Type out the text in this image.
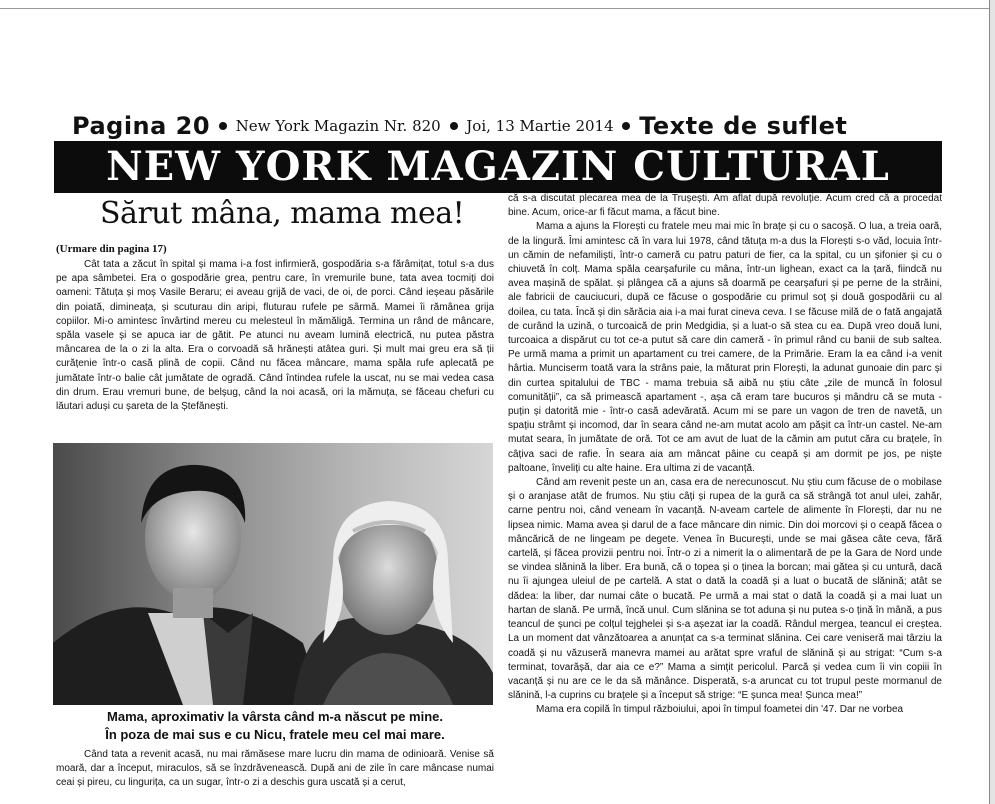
Pagina 20 New York Magazin Nr. 820 Joi, 13 Martie 2014 Texte de suflet
NEW YORK MAGAZIN CULTURAL
Sărut mâna, mama mea!
(Urmare din pagina 17)

Cât tata a zăcut în spital și mama i-a fost infirmieră, gospodăria s-a fărâmițat, totul s-a dus pe apa sâmbetei. Era o gospodărie grea, pentru care, în vremurile bune, tata avea tocmiți doi oameni: Tătuța și moș Vasile Beraru; ei aveau grijă de vaci, de oi, de porci. Când ieșeau păsările din poiată, dimineața, și scuturau din aripi, fluturau rufele pe sârmă. Mamei îi rămânea grija copiilor. Mi-o amintesc învârtind mereu cu melesteul în mămăligă. Termina un rând de mâncare, spăla vasele și se apuca iar de gătit. Pe atunci nu aveam lumină electrică, nu putea păstra mâncarea de la o zi la alta. Era o corvoadă să hrănești atâtea guri. Și mult mai greu era să ții curățenie într-o casă plină de copii. Când nu făcea mâncare, mama spăla rufe aplecată pe jumătate într-o balie cât jumătate de ogradă. Când întindea rufele la uscat, nu se mai vedea casa din drum. Erau vremuri bune, de belșug, când la noi acasă, ori la mămuța, se făceau chefuri cu lăutari aduși cu șareta de la Ștefănești.

Mama, aproximativ la vârsta când m-a născut pe mine.
În poza de mai sus e cu Nicu, fratele meu cel mai mare.

Când tata a revenit acasă, nu mai rămăsese mare lucru din mama de odinioară. Venise să moară, dar a început, miraculos, să se înzdrăvenească. După ani de zile în care mâncase numai ceai și pireu, cu lingurița, ca un sugar, într-o zi a deschis gura uscată și a cerut,

că s-a discutat plecarea mea de la Trușești. Am aflat după revoluție. Acum cred că a procedat bine. Acum, orice-ar fi făcut mama, a făcut bine.

Mama a ajuns la Florești cu fratele meu mai mic în brațe și cu o sacoșă. O lua, a treia oară, de la lingură. Îmi amintesc că în vara lui 1978, când tătuța m-a dus la Florești s-o văd, locuia într-un cămin de nefamiliști, într-o cameră cu patru paturi de fier, ca la spital, cu un șifonier și cu o chiuvetă în colț. Mama spăla cearșafurile cu mâna, într-un lighean, exact ca la țară, fiindcă nu avea mașină de spălat. și plângea că a ajuns să doarmă pe cearșafuri și pe perne de la străini, ale fabricii de cauciucuri, după ce făcuse o gospodărie cu primul soț și două gospodării cu al doilea, cu tata. Încă și din sărăcia aia i-a mai furat cineva ceva. I se făcuse milă de o fată angajată de curând la uzină, o turcoaică de prin Medgidia, și a luat-o să stea cu ea. După vreo două luni, turcoaica a dispărut cu tot ce-a putut să care din cameră - în primul rând cu banii de sub saltea. Pe urmă mama a primit un apartament cu trei camere, de la Primărie. Eram la ea când i-a venit hârtia. Munciserm toată vara la strâns paie, la măturat prin Florești, la adunat gunoaie din parc și din curtea spitalului de TBC - mama trebuia să aibă nu știu câte „zile de muncă în folosul comunității”, ca să primească apartament -, așa că eram tare bucuros și mândru că se muta - puțin și datorită mie - într-o casă adevărată. Acum mi se pare un vagon de tren de navetă, un spațiu strâmt și incomod, dar în seara când ne-am mutat acolo am pășit ca într-un castel. Ne-am mutat seara, în jumătate de oră. Tot ce am avut de luat de la cămin am putut căra cu brațele, în câțiva saci de rafie. În seara aia am mâncat pâine cu ceapă și am dormit pe jos, pe niște paltoane, înveliți cu alte haine. Era ultima zi de vacanță.

Când am revenit peste un an, casa era de nerecunoscut. Nu știu cum făcuse de o mobilase și o aranjase atât de frumos. Nu știu câți și rupea de la gură ca să strângă tot anul ulei, zahăr, carne pentru noi, când veneam în vacanță. N-aveam cartele de alimente în Florești, dar nu ne lipsea nimic. Mama avea și darul de a face mâncare din nimic. Din doi morcovi și o ceapă făcea o mâncărică de ne lingeam pe degete. Venea în București, unde se mai găsea câte ceva, fără cartelă, și făcea provizii pentru noi. Într-o zi a nimerit la o alimentară de pe la Gara de Nord unde se vindea slănină la liber. Era bună, că o topea și o ținea la borcan; mai gătea și cu untură, dacă nu îi ajungea uleiul de pe cartelă. A stat o dată la coadă și a luat o bucată de slănină; atât se dădea: la liber, dar numai câte o bucată. Pe urmă a mai stat o dată la coadă și a mai luat un hartan de slană. Pe urmă, încă unul. Cum slănina se tot aduna și nu putea s-o țină în mână, a pus teancul de șunci pe colțul tejghelei și s-a așezat iar la coadă. Rândul mergea, teancul ei creștea. La un moment dat vânzătoarea a anunțat ca s-a terminat slănina. Cei care veniseră mai târziu la coadă și nu văzuseră manevra mamei au arătat spre vraful de slănină și au strigat: “Cum s-a terminat, tovarășă, dar aia ce e?” Mama a simțit pericolul. Parcă și vedea cum îi vin copiii în vacanță și nu are ce le da să mănânce. Disperată, s-a aruncat cu tot trupul peste mormanul de slănină, l-a cuprins cu brațele și a început să strige: “E șunca mea! Șunca mea!”

Mama era copilă în timpul războiului, apoi în timpul foametei din '47. Dar ne vorbea
